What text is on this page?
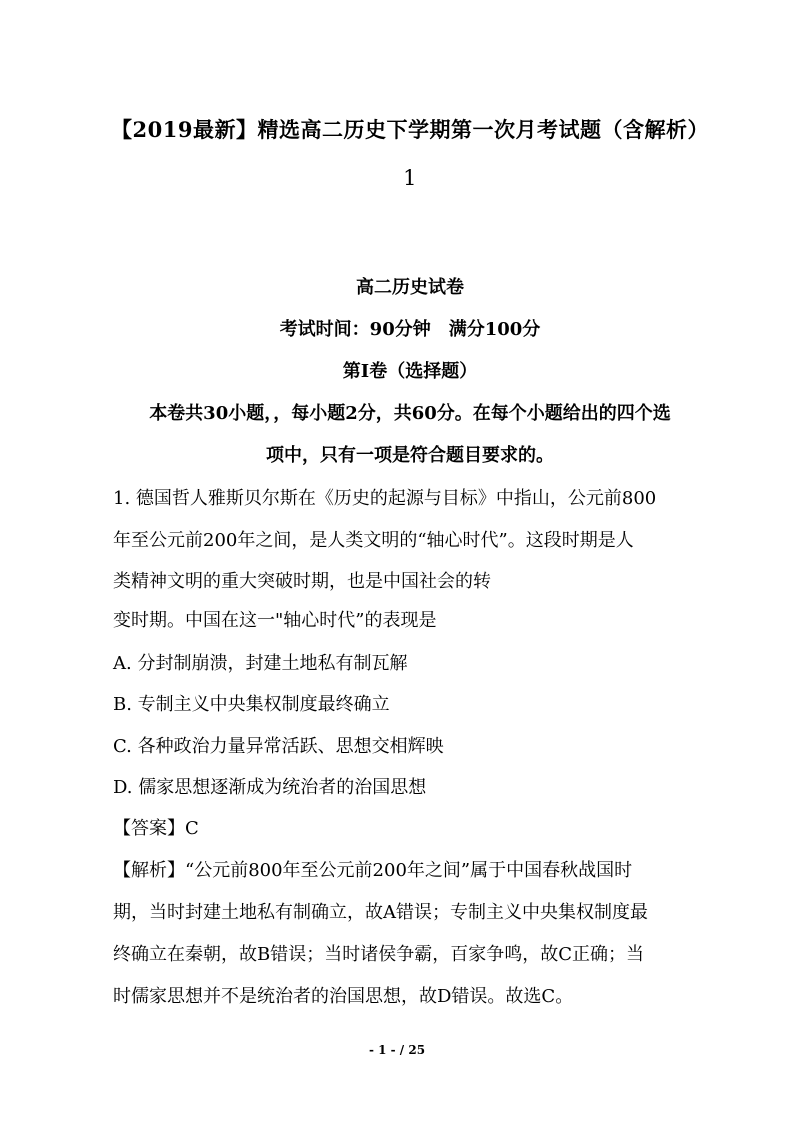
【2019最新】精选高二历史下学期第一次月考试题（含解析）
1
高二历史试卷
考试时间：90分钟　满分100分
第Ⅰ卷（选择题）
本卷共30小题，，每小题2分，共60分。在每个小题给出的四个选
项中，只有一项是符合题目要求的。
1. 德国哲人雅斯贝尔斯在《历史的起源与目标》中指山，公元前800
年至公元前200年之间，是人类文明的“轴心时代”。这段时期是人
类精神文明的重大突破时期，也是中国社会的转
变时期。中国在这一"轴心时代”的表现是
A. 分封制崩溃，封建土地私有制瓦解
B. 专制主义中央集权制度最终确立
C. 各种政治力量异常活跃、思想交相辉映
D. 儒家思想逐渐成为统治者的治国思想
【答案】C
【解析】“公元前800年至公元前200年之间”属于中国春秋战国时
期，当时封建土地私有制确立，故A错误；专制主义中央集权制度最
终确立在秦朝，故B错误；当时诸侯争霸，百家争鸣，故C正确；当
时儒家思想并不是统治者的治国思想，故D错误。故选C。
- 1 - / 25
